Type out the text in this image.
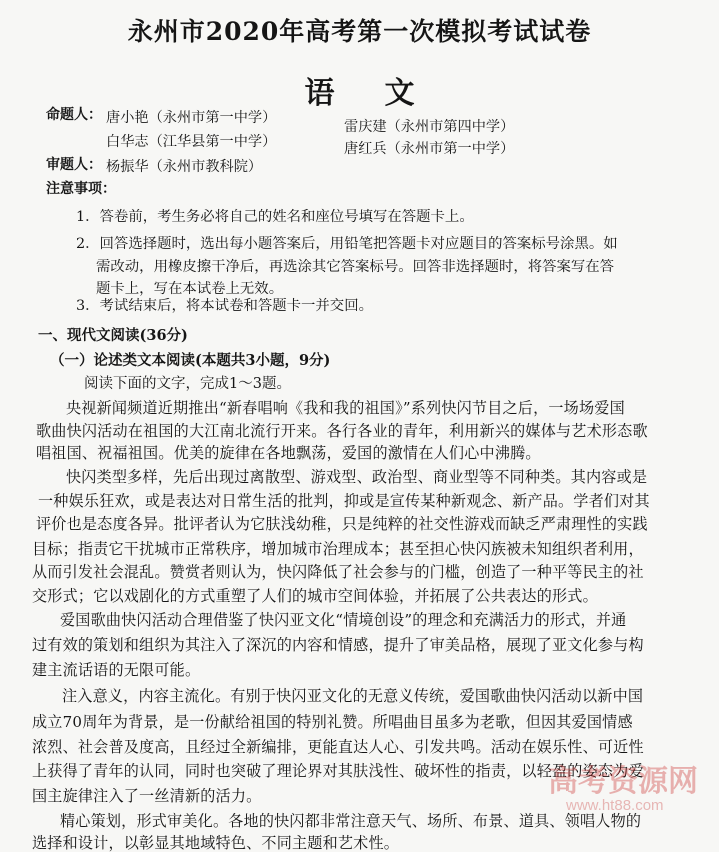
永州市2020年高考第一次模拟考试试卷
语文
命题人： 唐小艳（永州市第一中学）
雷庆建（永州市第四中学）
白华志（江华县第一中学）	唐红兵（永州市第一中学）
审题人： 杨振华（永州市教科院）
注意事项：
1．答卷前，考生务必将自己的姓名和座位号填写在答题卡上。
2．回答选择题时，选出每小题答案后，用铅笔把答题卡对应题目的答案标号涂黑。如
需改动，用橡皮擦干净后，再选涂其它答案标号。回答非选择题时，将答案写在答
题卡上，写在本试卷上无效。
3．考试结束后，将本试卷和答题卡一并交回。
一、现代文阅读(36分)
（一）论述类文本阅读(本题共3小题，9分)
阅读下面的文字，完成1～3题。
央视新闻频道近期推出“新春唱响《我和我的祖国》”系列快闪节目之后，一场场爱国
歌曲快闪活动在祖国的大江南北流行开来。各行各业的青年，利用新兴的媒体与艺术形态歌
唱祖国、祝福祖国。优美的旋律在各地飘荡，爱国的激情在人们心中沸腾。
快闪类型多样，先后出现过离散型、游戏型、政治型、商业型等不同种类。其内容或是
一种娱乐狂欢，或是表达对日常生活的批判，抑或是宣传某种新观念、新产品。学者们对其
评价也是态度各异。批评者认为它肤浅幼稚，只是纯粹的社交性游戏而缺乏严肃理性的实践
目标；指责它干扰城市正常秩序，增加城市治理成本；甚至担心快闪族被未知组织者利用，
从而引发社会混乱。赞赏者则认为，快闪降低了社会参与的门槛，创造了一种平等民主的社
交形式；它以戏剧化的方式重塑了人们的城市空间体验，并拓展了公共表达的形式。
爱国歌曲快闪活动合理借鉴了快闪亚文化“情境创设”的理念和充满活力的形式，并通
过有效的策划和组织为其注入了深沉的内容和情感，提升了审美品格，展现了亚文化参与构
建主流话语的无限可能。
注入意义，内容主流化。有别于快闪亚文化的无意义传统，爱国歌曲快闪活动以新中国
成立70周年为背景，是一份献给祖国的特别礼赞。所唱曲目虽多为老歌，但因其爱国情感
浓烈、社会普及度高，且经过全新编排，更能直达人心、引发共鸣。活动在娱乐性、可近性
上获得了青年的认同，同时也突破了理论界对其肤浅性、破坏性的指责，以轻盈的姿态为爱
国主旋律注入了一丝清新的活力。
精心策划，形式审美化。各地的快闪都非常注意天气、场所、布景、道具、领唱人物的
选择和设计，以彰显其地域特色、不同主题和艺术性。
高考资源网
www.ht88.com
